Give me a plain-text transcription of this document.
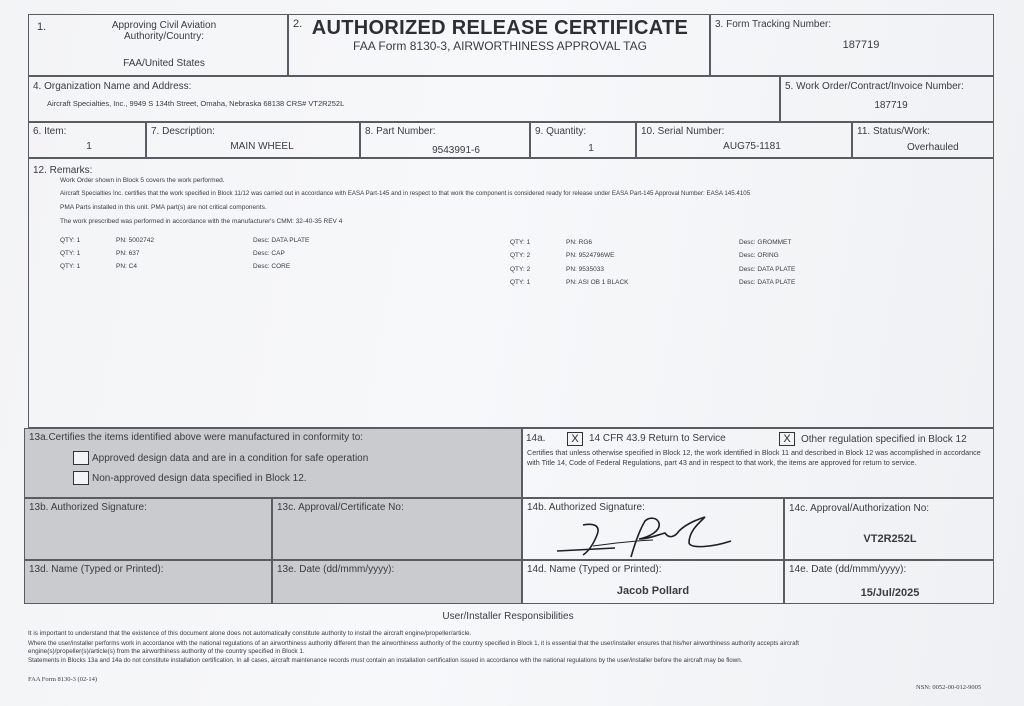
1.	Approving Civil Aviation
Authority/Country:
FAA/United States
2. AUTHORIZED RELEASE CERTIFICATE
FAA Form 8130-3, AIRWORTHINESS APPROVAL TAG
3. Form Tracking Number:
187719
4. Organization Name and Address:
Aircraft Specialties, Inc., 9949 S 134th Street, Omaha, Nebraska 68138 CRS# VT2R252L
5. Work Order/Contract/Invoice Number:
187719
6. Item:
1
7. Description:
MAIN WHEEL
8. Part Number:
9543991-6
9. Quantity:
1
10. Serial Number:
AUG75-1181
11. Status/Work:
Overhauled
12. Remarks:
Work Order shown in Block 5 covers the work performed.
Aircraft Specialties Inc. certifies that the work specified in Block 11/12 was carried out in accordance with EASA Part-145 and in respect to that work the component is considered ready for release under EASA Part-145 Approval Number: EASA 145.4105
PMA Parts installed in this unit. PMA part(s) are not critical components.
The work prescribed was performed in accordance with the manufacturer's CMM: 32-40-35 REV 4
QTY: 1	PN: 5002742	Desc: DATA PLATE
QTY: 1	PN: 637	Desc: CAP
QTY: 1	PN: C4	Desc: CORE
QTY: 1	PN: RG6	Desc: GROMMET
QTY: 2	PN: 9524796WE	Desc: ORING
QTY: 2	PN: 9535033	Desc: DATA PLATE
QTY: 1	PN: ASI OB 1 BLACK	Desc: DATA PLATE
13a.Certifies the items identified above were manufactured in conformity to:
Approved design data and are in a condition for safe operation
Non-approved design data specified in Block 12.
14a.	X	14 CFR 43.9 Return to Service	X	Other regulation specified in Block 12
Certifies that unless otherwise specified in Block 12, the work identified in Block 11 and described in Block 12 was accomplished in accordance with Title 14, Code of Federal Regulations, part 43 and in respect to that work, the items are approved for return to service.
13b. Authorized Signature:	13c. Approval/Certificate No:	14b. Authorized Signature:	14c. Approval/Authorization No:
VT2R252L
13d. Name (Typed or Printed):	13e. Date (dd/mmm/yyyy):	14d. Name (Typed or Printed):
Jacob Pollard
14e. Date (dd/mmm/yyyy):
15/Jul/2025
User/Installer Responsibilities
It is important to understand that the existence of this document alone does not automatically constitute authority to install the aircraft engine/propeller/article.
Where the user/installer performs work in accordance with the national regulations of an airworthiness authority different than the airworthiness authority of the country specified in Block 1, it is essential that the user/installer ensures that his/her airworthiness authority accepts aircraft
engine(s)/propeller(s)/article(s) from the airworthiness authority of the country specified in Block 1.
Statements in Blocks 13a and 14a do not constitute installation certification. In all cases, aircraft maintenance records must contain an installation certification issued in accordance with the national regulations by the user/installer before the aircraft may be flown.
FAA Form 8130-3 (02-14)
NSN: 0052-00-012-9005
